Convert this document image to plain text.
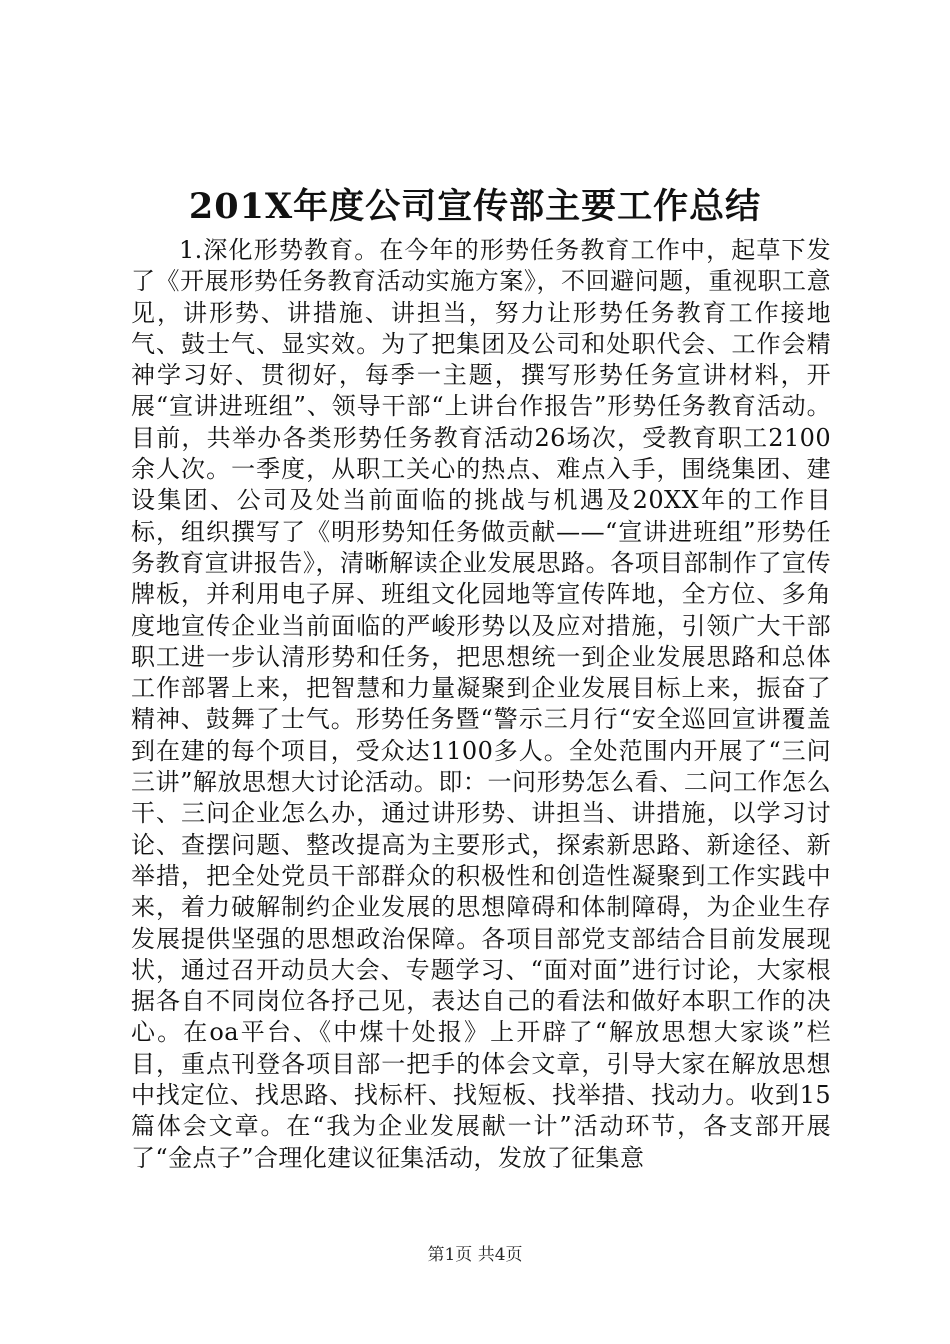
201X年度公司宣传部主要工作总结

1.深化形势教育。在今年的形势任务教育工作中，起草下发了《开展形势任务教育活动实施方案》，不回避问题，重视职工意见，讲形势、讲措施、讲担当，努力让形势任务教育工作接地气、鼓士气、显实效。为了把集团及公司和处职代会、工作会精神学习好、贯彻好，每季一主题，撰写形势任务宣讲材料，开展“宣讲进班组”、领导干部“上讲台作报告”形势任务教育活动。目前，共举办各类形势任务教育活动26场次，受教育职工2100余人次。一季度，从职工关心的热点、难点入手，围绕集团、建设集团、公司及处当前面临的挑战与机遇及20XX年的工作目标，组织撰写了《明形势知任务做贡献——“宣讲进班组”形势任务教育宣讲报告》，清晰解读企业发展思路。各项目部制作了宣传牌板，并利用电子屏、班组文化园地等宣传阵地，全方位、多角度地宣传企业当前面临的严峻形势以及应对措施，引领广大干部职工进一步认清形势和任务，把思想统一到企业发展思路和总体工作部署上来，把智慧和力量凝聚到企业发展目标上来，振奋了精神、鼓舞了士气。形势任务暨“警示三月行“安全巡回宣讲覆盖到在建的每个项目，受众达1100多人。全处范围内开展了“三问三讲”解放思想大讨论活动。即：一问形势怎么看、二问工作怎么干、三问企业怎么办，通过讲形势、讲担当、讲措施，以学习讨论、查摆问题、整改提高为主要形式，探索新思路、新途径、新举措，把全处党员干部群众的积极性和创造性凝聚到工作实践中来，着力破解制约企业发展的思想障碍和体制障碍，为企业生存发展提供坚强的思想政治保障。各项目部党支部结合目前发展现状，通过召开动员大会、专题学习、“面对面”进行讨论，大家根据各自不同岗位各抒己见，表达自己的看法和做好本职工作的决心。在oa平台、《中煤十处报》上开辟了“解放思想大家谈”栏目，重点刊登各项目部一把手的体会文章，引导大家在解放思想中找定位、找思路、找标杆、找短板、找举措、找动力。收到15篇体会文章。在“我为企业发展献一计”活动环节，各支部开展了“金点子”合理化建议征集活动，发放了征集意

第1页 共4页
